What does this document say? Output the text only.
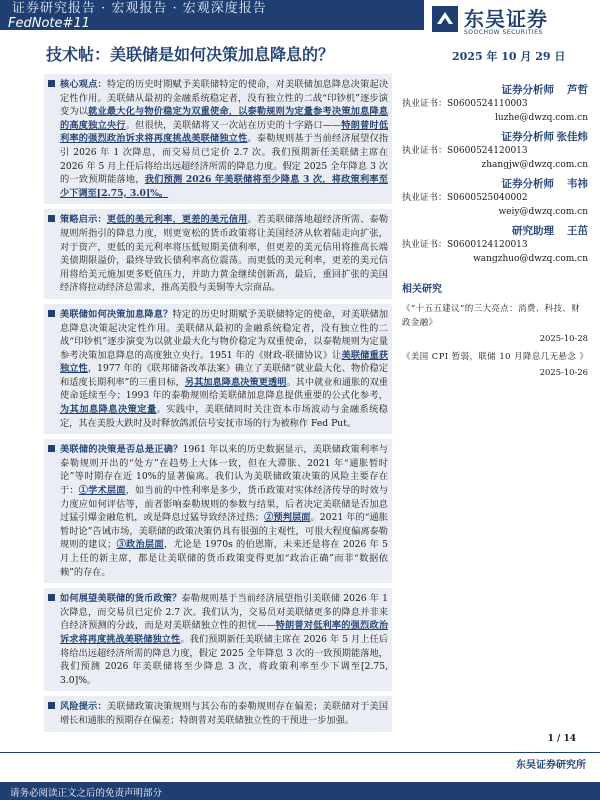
证券研究报告 · 宏观报告 · 宏观深度报告
FedNote#11	东吴证券
SOOCHOW SECURITIES
技术帖：美联储是如何决策加息降息的？	2025 年 10 月 29 日
核心观点：特定的历史时期赋予美联储特定的使命，对美联储加息降息决策起决定性作用。美联储从最初的金融系统稳定者，没有独立性的二战“印钞机”逐步演变为以就业最大化与物价稳定为双重使命，以泰勒规则为定量参考决策加息降息的高度独立央行。但很快，美联储将又一次站在历史的十字路口——特朗普时低利率的强烈政治诉求将再度挑战美联储独立性。泰勒规则基于当前经济展望仅指引 2026 年 1 次降息，而交易员已定价 2.7 次。我们预期新任美联储主席在 2026 年 5 月上任后将给出远超经济所需的降息力度。假定 2025 全年降息 3 次的一致预期能落地，我们预测 2026 年美联储将至少降息 3 次，将政策利率至少下调至[2.75, 3.0]%。
策略启示：更低的美元利率，更差的美元信用。若美联储落地超经济所需、泰勒规则所指引的降息力度，则更宽松的货币政策将让美国经济从软着陆走向扩张，对于资产，更低的美元利率将压低短期美债利率，但更差的美元信用将推高长端美债期限溢价，最终导致长债利率高位震荡。而更低的美元利率，更差的美元信用将给美元施加更多贬值压力，并助力黄金继续创新高，最后，重回扩张的美国经济将拉动经济总需求，推高美股与美铜等大宗商品。
美联储如何决策加息降息？特定的历史时期赋予美联储特定的使命，对美联储加息降息决策起决定性作用。美联储从最初的金融系统稳定者，没有独立性的二战“印钞机”逐步演变为以就业最大化与物价稳定为双重使命，以泰勒规则为定量参考决策加息降息的高度独立央行。1951 年的《财政-联储协议》让美联储重获独立性，1977 年的《联邦储备改革法案》确立了美联储“就业最大化、物价稳定和适度长期利率”的三重目标，另其加息降息决策更透明。其中就业和通胀的双重使命延续至今；1993 年的泰勒规则给美联储加息降息提供重要的公式化参考，为其加息降息决策定量。实践中，美联储同时关注资本市场波动与金融系统稳定，其在美股大跌时及时释放鸽派信号安抚市场的行为被称作 Fed Put。
美联储的决策是否总是正确？1961 年以来的历史数据显示，美联储政策利率与泰勒规则开出的“处方”在趋势上大体一致，但在大滞胀、2021 年“通胀暂时论”等时期存在近 10%的显著偏离。我们认为美联储政策决策的风险主要存在于：①学术层面，如当前的中性利率是多少，货币政策对实体经济传导的时效与力度应如何评估等，前者影响泰勒规则的参数与结果，后者决定美联储是否加息过猛引爆金融危机，或是降息过猛导致经济过热；②预判层面。2021 年的“通胀暂时论”告诫市场，美联储的政策决策仍具有很强的主观性，可很大程度偏离泰勒规则的建议；③政治层面，尤论是 1970s 的伯恩斯，未来还是将在 2026 年 5 月上任的新主席，都是让美联储的货币政策变得更加“政治正确”而非“数据依赖”的存在。
如何展望美联储的货币政策？泰勒规则基于当前经济展望指引美联储 2026 年 1 次降息，而交易员已定价 2.7 次。我们认为，交易员对美联储更多的降息并非来自经济预测的分歧，而是对美联储独立性的担忧——特朗普对低利率的强烈政治诉求将再度挑战美联储独立性。我们预期新任美联储主席在 2026 年 5 月上任后将给出远超经济所需的降息力度，假定 2025 全年降息 3 次的一致预期能落地，我们预测 2026 年美联储将至少降息 3 次，将政策利率至少下调至[2.75, 3.0]%。
风险提示：美联储政策决策规则与其公布的泰勒规则存在偏差；美联储对于美国增长和通胀的预期存在偏差；特朗普对美联储独立性的干预进一步加强。
证券分析师 芦哲
执业证书：S0600524110003
luzhe@dwzq.com.cn
证券分析师 张佳炜
执业证书：S0600524120013
zhangjw@dwzq.com.cn
证券分析师 韦祎
执业证书：S0600525040002
weiy@dwzq.com.cn
研究助理 王茁
执业证书：S0600124120013
wangzhuo@dwzq.com.cn
相关研究
《“十五五建议”的三大亮点：消费、科技、财政金融》
2025-10-28
《美国 CPI 暂弱，联储 10 月降息几无悬念 》
2025-10-26
1 / 14
东吴证券研究所
请务必阅读正文之后的免责声明部分
